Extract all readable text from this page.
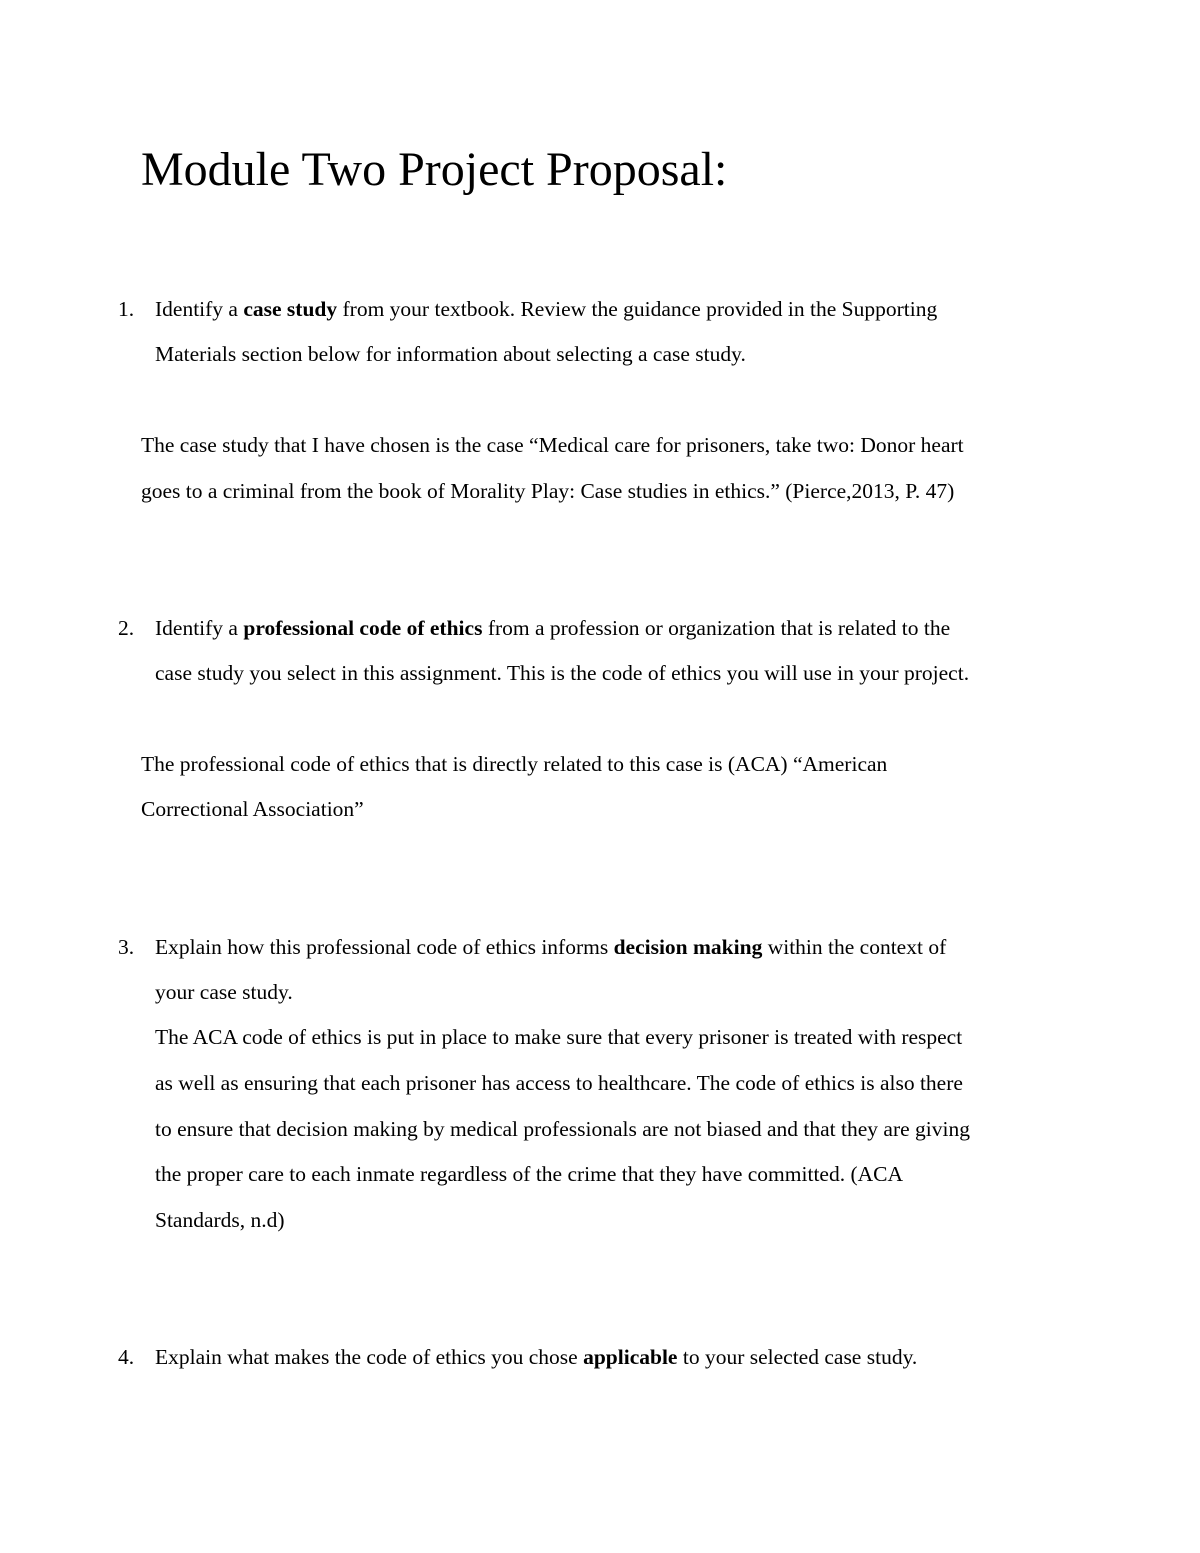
Module Two Project Proposal:
1. Identify a case study from your textbook. Review the guidance provided in the Supporting

Materials section below for information about selecting a case study.

The case study that I have chosen is the case “Medical care for prisoners, take two: Donor heart

goes to a criminal from the book of Morality Play: Case studies in ethics.” (Pierce,2013, P. 47)

2. Identify a professional code of ethics from a profession or organization that is related to the

case study you select in this assignment. This is the code of ethics you will use in your project.

The professional code of ethics that is directly related to this case is (ACA) “American

Correctional Association”

3. Explain how this professional code of ethics informs decision making within the context of

your case study.

The ACA code of ethics is put in place to make sure that every prisoner is treated with respect

as well as ensuring that each prisoner has access to healthcare. The code of ethics is also there

to ensure that decision making by medical professionals are not biased and that they are giving

the proper care to each inmate regardless of the crime that they have committed. (ACA

Standards, n.d)

4. Explain what makes the code of ethics you chose applicable to your selected case study.
